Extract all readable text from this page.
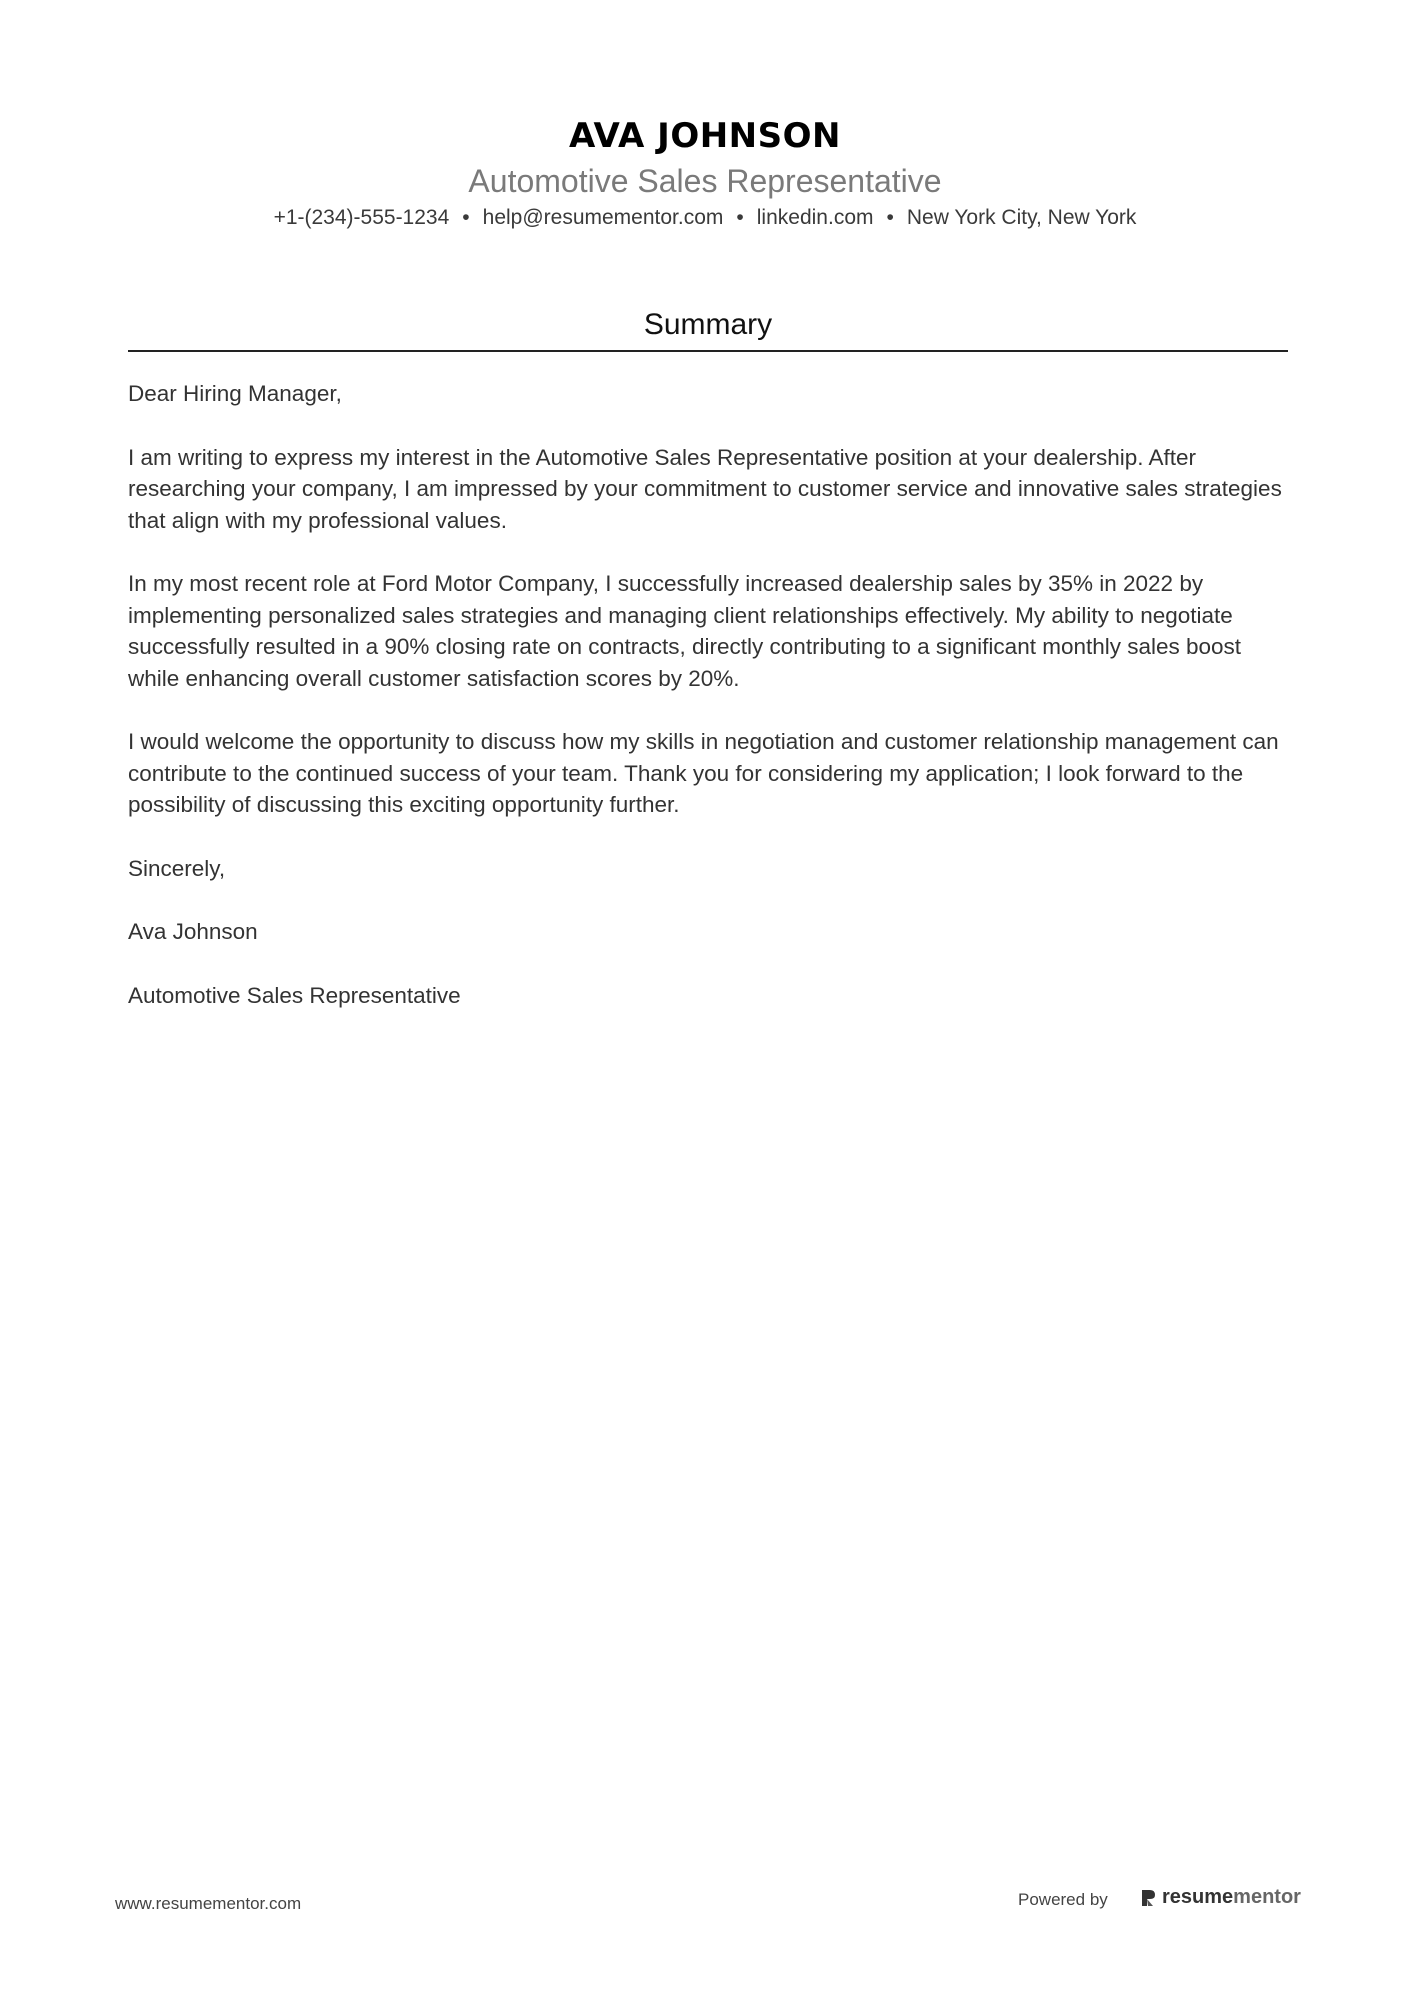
AVA JOHNSON
Automotive Sales Representative
+1-(234)-555-1234 • help@resumementor.com • linkedin.com • New York City, New York
Summary

Dear Hiring Manager,

I am writing to express my interest in the Automotive Sales Representative position at your dealership. After researching your company, I am impressed by your commitment to customer service and innovative sales strategies that align with my professional values.

In my most recent role at Ford Motor Company, I successfully increased dealership sales by 35% in 2022 by implementing personalized sales strategies and managing client relationships effectively. My ability to negotiate successfully resulted in a 90% closing rate on contracts, directly contributing to a significant monthly sales boost while enhancing overall customer satisfaction scores by 20%.

I would welcome the opportunity to discuss how my skills in negotiation and customer relationship management can contribute to the continued success of your team. Thank you for considering my application; I look forward to the possibility of discussing this exciting opportunity further.

Sincerely,

Ava Johnson

Automotive Sales Representative

www.resumementor.com	Powered by	resumementor
